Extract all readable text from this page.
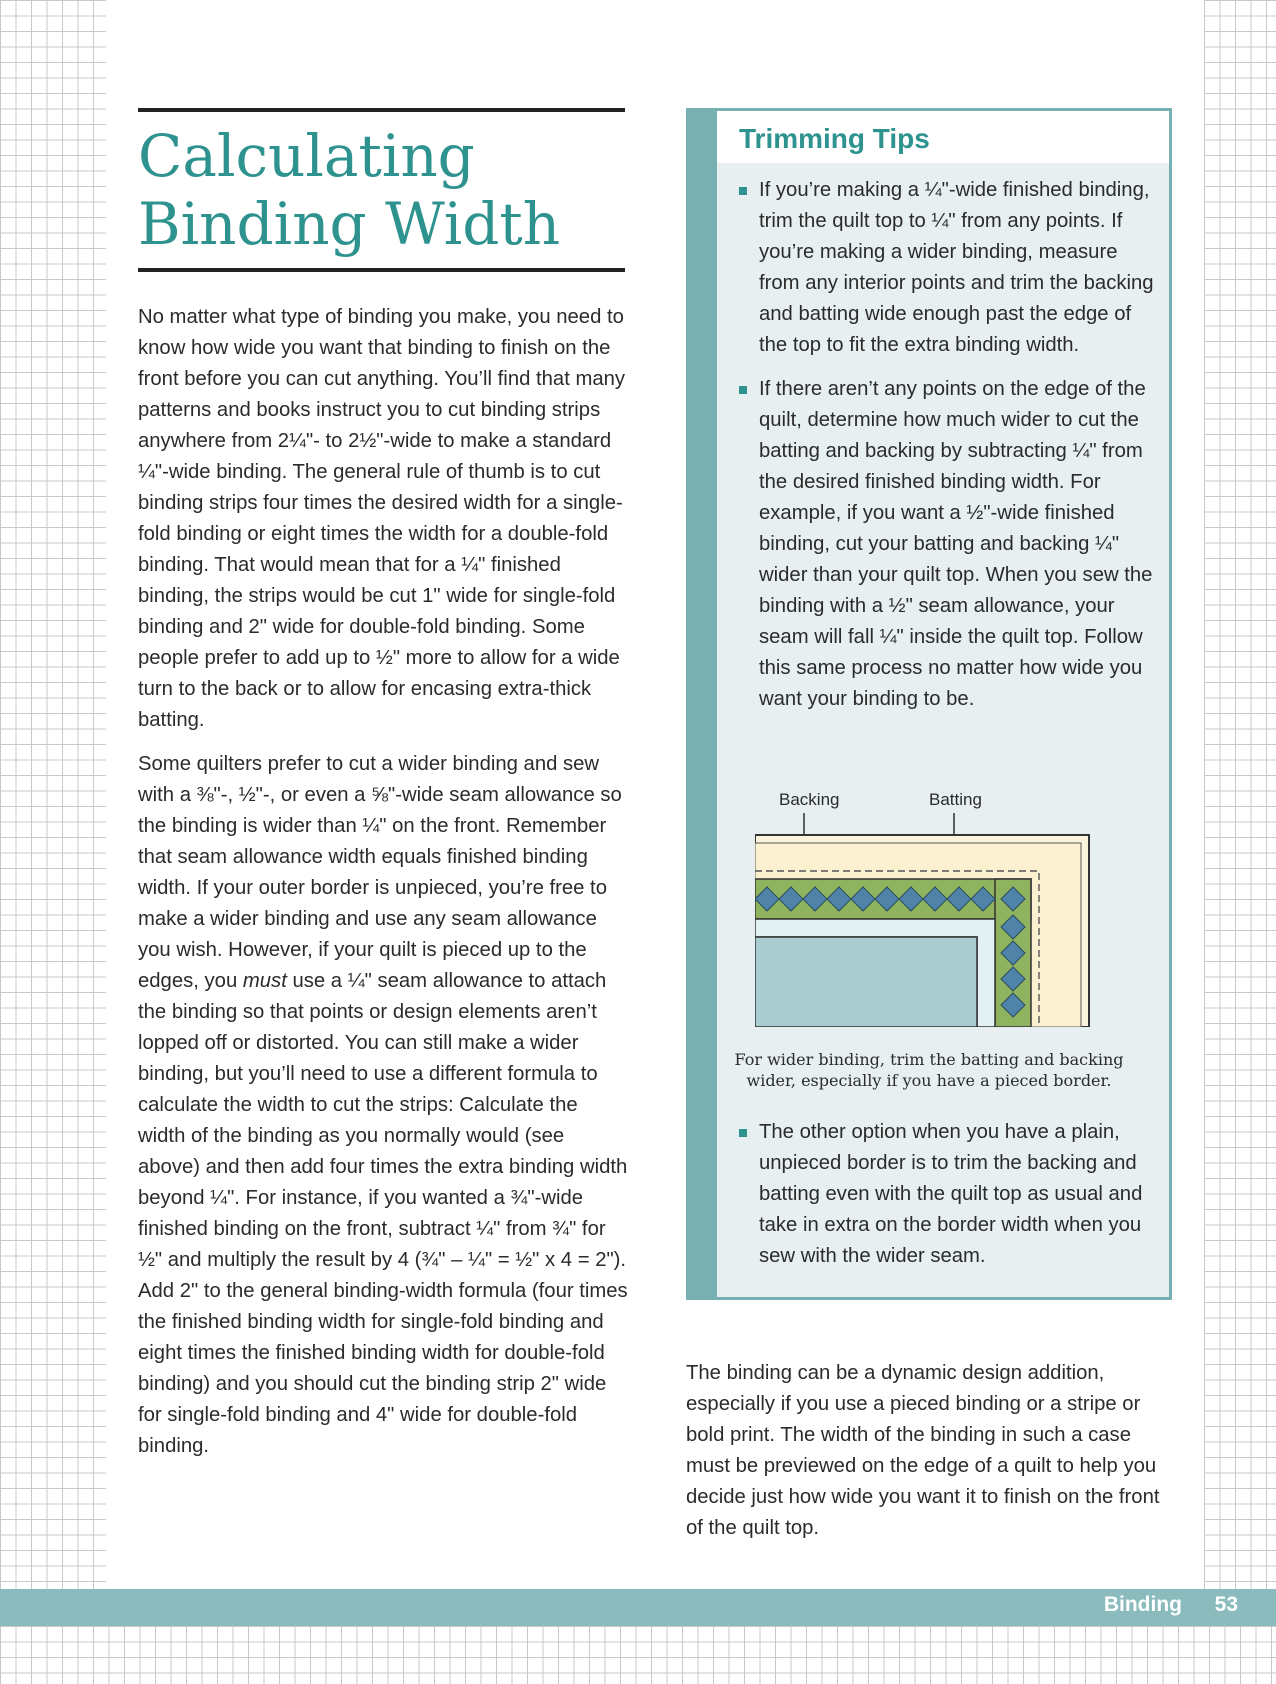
Calculating
Binding Width

No matter what type of binding you make, you need to know how wide you want that binding to finish on the front before you can cut anything. You’ll find that many patterns and books instruct you to cut binding strips anywhere from 2¼"- to 2½"-wide to make a standard ¼"-wide binding. The general rule of thumb is to cut binding strips four times the desired width for a single-fold binding or eight times the width for a double-fold binding. That would mean that for a ¼" finished binding, the strips would be cut 1" wide for single-fold binding and 2" wide for double-fold binding. Some people prefer to add up to ½" more to allow for a wide turn to the back or to allow for encasing extra-thick batting.

Some quilters prefer to cut a wider binding and sew with a ⅜"-, ½"-, or even a ⅝"-wide seam allowance so the binding is wider than ¼" on the front. Remember that seam allowance width equals finished binding width. If your outer border is unpieced, you’re free to make a wider binding and use any seam allowance you wish. However, if your quilt is pieced up to the edges, you must use a ¼" seam allowance to attach the binding so that points or design elements aren’t lopped off or distorted. You can still make a wider binding, but you’ll need to use a different formula to calculate the width to cut the strips: Calculate the width of the binding as you normally would (see above) and then add four times the extra binding width beyond ¼". For instance, if you wanted a ¾"-wide finished binding on the front, subtract ¼" from ¾" for ½" and multiply the result by 4 (¾" – ¼" = ½" x 4 = 2"). Add 2" to the general binding-width formula (four times the finished binding width for single-fold binding and eight times the finished binding width for double-fold binding) and you should cut the binding strip 2" wide for single-fold binding and 4" wide for double-fold binding.

Trimming Tips
If you’re making a ¼"-wide finished binding, trim the quilt top to ¼" from any points. If you’re making a wider binding, measure from any interior points and trim the backing and batting wide enough past the edge of the top to fit the extra binding width.
If there aren’t any points on the edge of the quilt, determine how much wider to cut the batting and backing by subtracting ¼" from the desired finished binding width. For example, if you want a ½"-wide finished binding, cut your batting and backing ¼" wider than your quilt top. When you sew the binding with a ½" seam allowance, your seam will fall ¼" inside the quilt top. Follow this same process no matter how wide you want your binding to be.
Backing	Batting

For wider binding, trim the batting and backing wider, especially if you have a pieced border.

The other option when you have a plain, unpieced border is to trim the backing and batting even with the quilt top as usual and take in extra on the border width when you sew with the wider seam.

The binding can be a dynamic design addition, especially if you use a pieced binding or a stripe or bold print. The width of the binding in such a case must be previewed on the edge of a quilt to help you decide just how wide you want it to finish on the front of the quilt top.

Binding 53
